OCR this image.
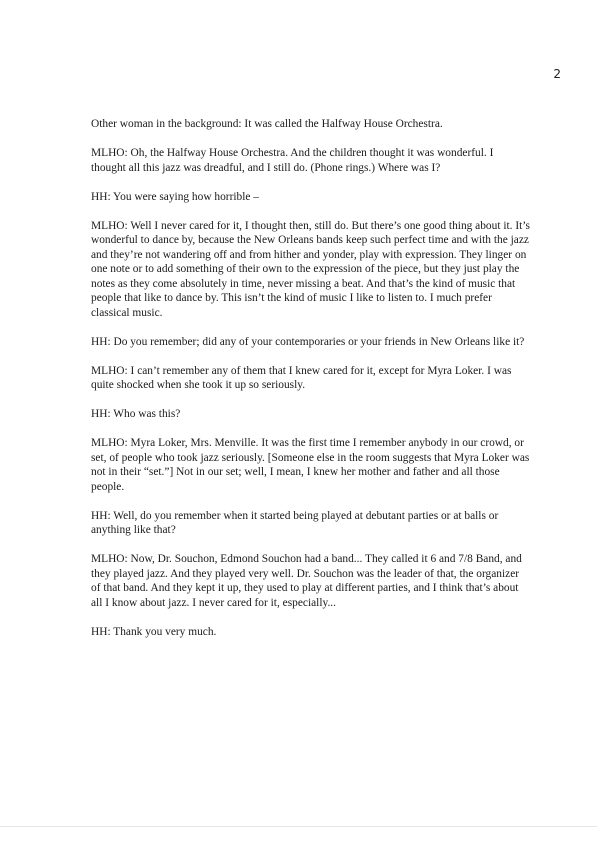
2

Other woman in the background: It was called the Halfway House Orchestra.

MLHO: Oh, the Halfway House Orchestra. And the children thought it was wonderful. I thought all this jazz was dreadful, and I still do. (Phone rings.) Where was I?

HH: You were saying how horrible –

MLHO: Well I never cared for it, I thought then, still do. But there’s one good thing about it. It’s wonderful to dance by, because the New Orleans bands keep such perfect time and with the jazz and they’re not wandering off and from hither and yonder, play with expression. They linger on one note or to add something of their own to the expression of the piece, but they just play the notes as they come absolutely in time, never missing a beat. And that’s the kind of music that people that like to dance by. This isn’t the kind of music I like to listen to. I much prefer classical music.

HH: Do you remember; did any of your contemporaries or your friends in New Orleans like it?

MLHO: I can’t remember any of them that I knew cared for it, except for Myra Loker. I was quite shocked when she took it up so seriously.

HH: Who was this?

MLHO: Myra Loker, Mrs. Menville. It was the first time I remember anybody in our crowd, or set, of people who took jazz seriously. [Someone else in the room suggests that Myra Loker was not in their “set.”] Not in our set; well, I mean, I knew her mother and father and all those people.

HH: Well, do you remember when it started being played at debutant parties or at balls or anything like that?

MLHO: Now, Dr. Souchon, Edmond Souchon had a band... They called it 6 and 7/8 Band, and they played jazz. And they played very well. Dr. Souchon was the leader of that, the organizer of that band. And they kept it up, they used to play at different parties, and I think that’s about all I know about jazz. I never cared for it, especially...

HH: Thank you very much.
